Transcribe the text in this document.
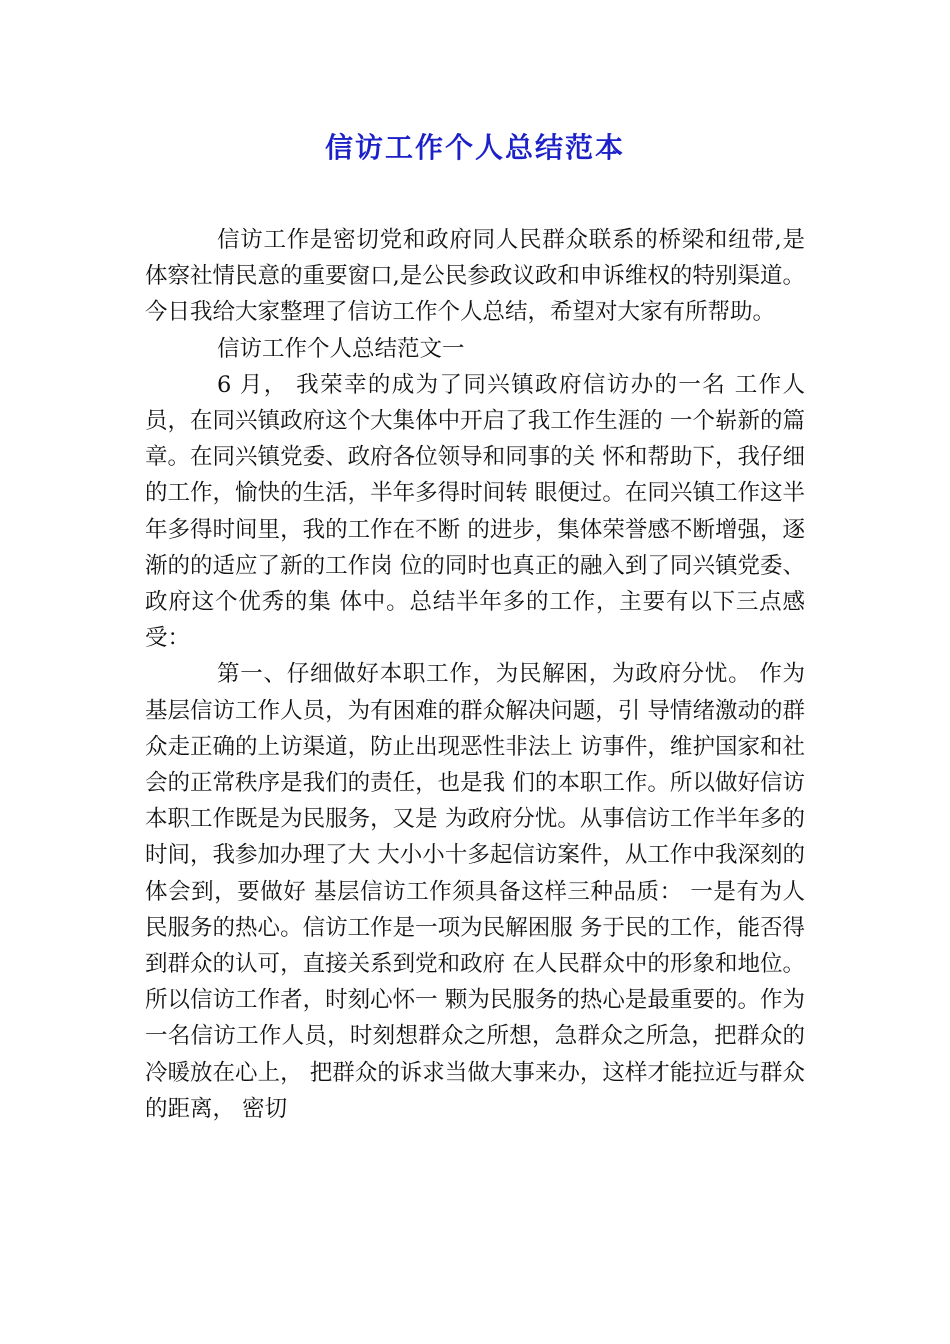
信访工作个人总结范本

信访工作是密切党和政府同人民群众联系的桥梁和纽带,是体察社情民意的重要窗口,是公民参政议政和申诉维权的特别渠道。今日我给大家整理了信访工作个人总结，希望对大家有所帮助。

信访工作个人总结范文一

6 月， 我荣幸的成为了同兴镇政府信访办的一名 工作人员，在同兴镇政府这个大集体中开启了我工作生涯的 一个崭新的篇章。在同兴镇党委、政府各位领导和同事的关 怀和帮助下，我仔细的工作，愉快的生活，半年多得时间转 眼便过。在同兴镇工作这半年多得时间里，我的工作在不断 的进步，集体荣誉感不断增强，逐渐的的适应了新的工作岗 位的同时也真正的融入到了同兴镇党委、政府这个优秀的集 体中。总结半年多的工作，主要有以下三点感受：

第一、仔细做好本职工作，为民解困，为政府分忧。 作为基层信访工作人员，为有困难的群众解决问题，引 导情绪激动的群众走正确的上访渠道，防止出现恶性非法上 访事件，维护国家和社会的正常秩序是我们的责任，也是我 们的本职工作。所以做好信访本职工作既是为民服务，又是 为政府分忧。从事信访工作半年多的时间，我参加办理了大 大小小十多起信访案件，从工作中我深刻的体会到，要做好 基层信访工作须具备这样三种品质： 一是有为人民服务的热心。信访工作是一项为民解困服 务于民的工作，能否得到群众的认可，直接关系到党和政府 在人民群众中的形象和地位。所以信访工作者，时刻心怀一 颗为民服务的热心是最重要的。作为一名信访工作人员，时刻想群众之所想，急群众之所急，把群众的冷暖放在心上， 把群众的诉求当做大事来办，这样才能拉近与群众的距离， 密切
